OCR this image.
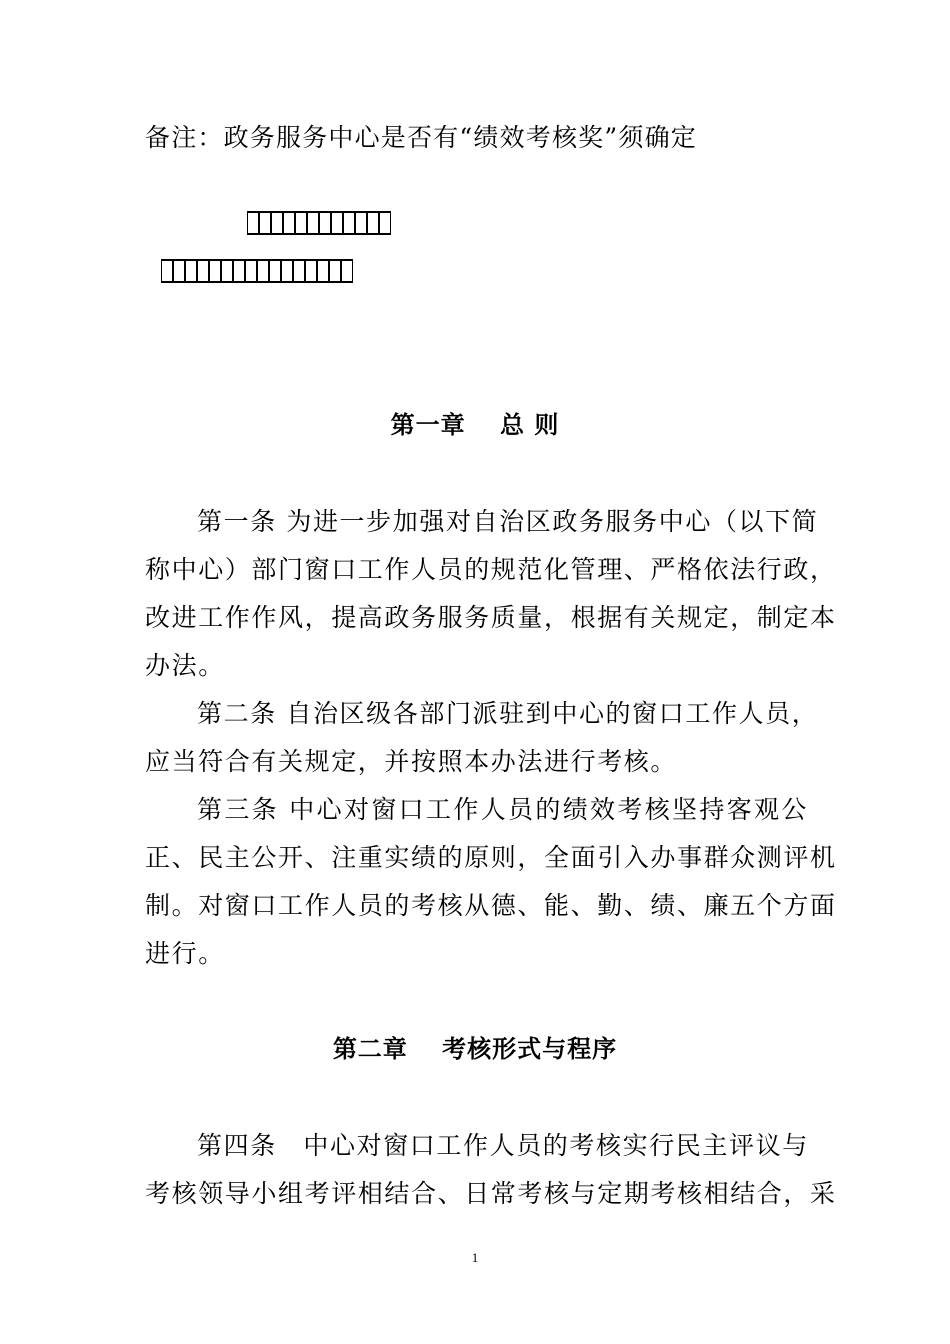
备注：政务服务中心是否有“绩效考核奖”须确定
第一章　 总 则
第一条 为进一步加强对自治区政务服务中心（以下简
称中心）部门窗口工作人员的规范化管理、严格依法行政，
改进工作作风，提高政务服务质量，根据有关规定，制定本
办法。
第二条 自治区级各部门派驻到中心的窗口工作人员，
应当符合有关规定，并按照本办法进行考核。
第三条 中心对窗口工作人员的绩效考核坚持客观公
正、民主公开、注重实绩的原则，全面引入办事群众测评机
制。对窗口工作人员的考核从德、能、勤、绩、廉五个方面
进行。
第二章　 考核形式与程序
第四条　中心对窗口工作人员的考核实行民主评议与
考核领导小组考评相结合、日常考核与定期考核相结合，采
1
